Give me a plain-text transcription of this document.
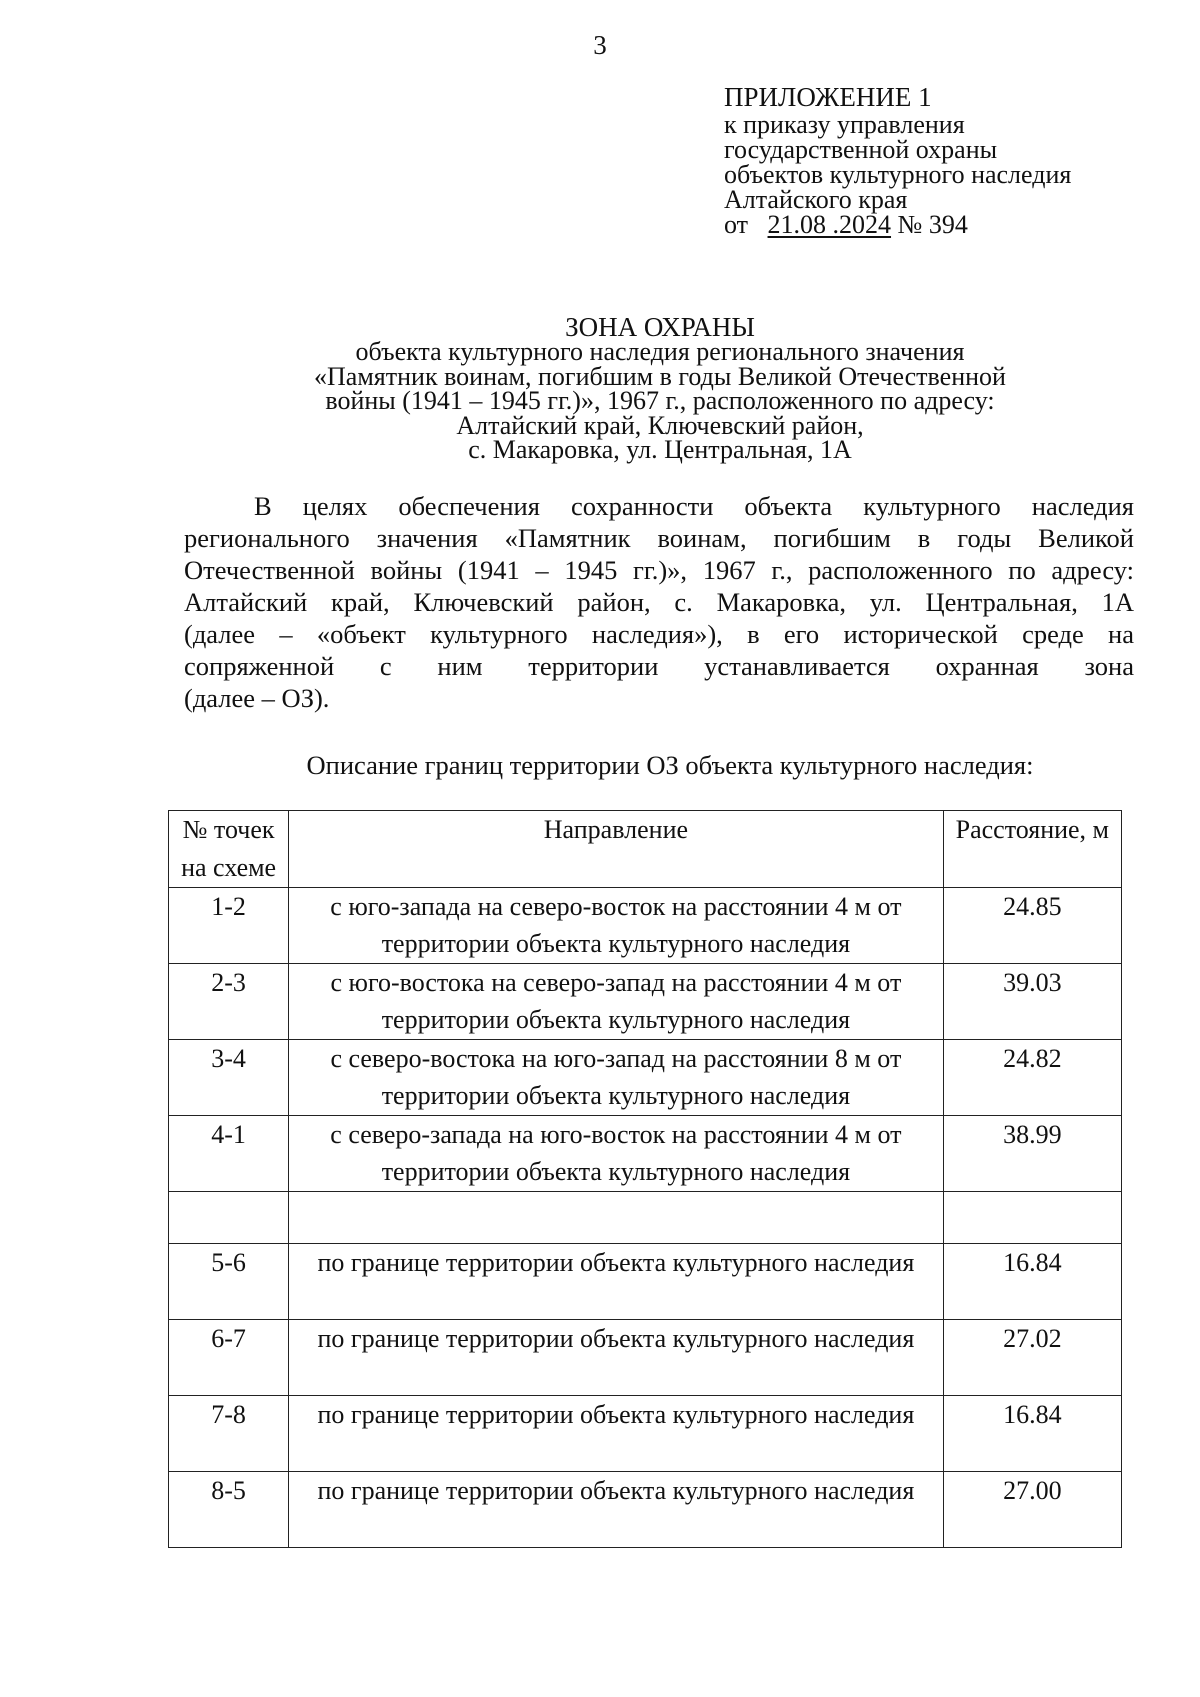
3
ПРИЛОЖЕНИЕ 1
к приказу управления
государственной охраны
объектов культурного наследия
Алтайского края
от 21.08 .2024 № 394
ЗОНА ОХРАНЫ
объекта культурного наследия регионального значения
«Памятник воинам, погибшим в годы Великой Отечественной
войны (1941 – 1945 гг.)», 1967 г., расположенного по адресу:
Алтайский край, Ключевский район,
с. Макаровка, ул. Центральная, 1А
В целях обеспечения сохранности объекта культурного наследия
регионального значения «Памятник воинам, погибшим в годы Великой
Отечественной войны (1941 – 1945 гг.)», 1967 г., расположенного по адресу:
Алтайский край, Ключевский район, с. Макаровка, ул. Центральная, 1А
(далее – «объект культурного наследия»), в его исторической среде на
сопряженной с ним территории устанавливается охранная зона
(далее – ОЗ).
Описание границ территории ОЗ объекта культурного наследия:
№ точек на схеме	Направление	Расстояние, м
1-2	с юго-запада на северо-восток на расстоянии 4 м от территории объекта культурного наследия	24.85
2-3	с юго-востока на северо-запад на расстоянии 4 м от территории объекта культурного наследия	39.03
3-4	с северо-востока на юго-запад на расстоянии 8 м от территории объекта культурного наследия	24.82
4-1	с северо-запада на юго-восток на расстоянии 4 м от территории объекта культурного наследия	38.99

5-6	по границе территории объекта культурного наследия	16.84
6-7	по границе территории объекта культурного наследия	27.02
7-8	по границе территории объекта культурного наследия	16.84
8-5	по границе территории объекта культурного наследия	27.00
